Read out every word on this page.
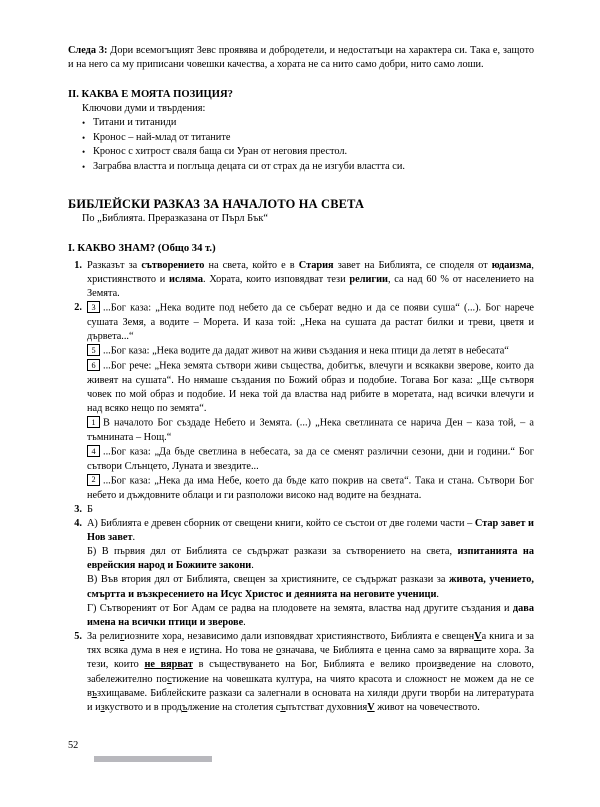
Следа 3: Дори всемогъщият Зевс проявява и добродетели, и недостатъци на характера си. Така е, защото и на него са му приписани човешки качества, а хората не са нито само добри, нито само лоши.

II. КАКВА Е МОЯТА ПОЗИЦИЯ?
Ключови думи и твърдения:
• Титани и титаниди
• Кронос – най-млад от титаните
• Кронос с хитрост сваля баща си Уран от неговия престол.
• Заграбва властта и поглъща децата си от страх да не изгуби властта си.
БИБЛЕЙСКИ РАЗКАЗ ЗА НАЧАЛОТО НА СВЕТА
По „Библията. Преразказана от Пърл Бък“
I. КАКВО ЗНАМ? (Общо 34 т.)
1. Разказът за сътворението на света, който е в Стария завет на Библията, се споделя от юдаизма, християнството и исляма. Хората, които изповядват тези религии, са над 60 % от населението на Земята.
2.	3 ...Бог каза: „Нека водите под небето да се съберат ведно и да се появи суша“ (...). Бог нарече сушата Земя, а водите – Морета. И каза той: „Нека на сушата да растат билки и треви, цветя и дървета...“
5 ...Бог каза: „Нека водите да дадат живот на живи създания и нека птици да летят в небесата“
6 ...Бог рече: „Нека земята сътвори живи същества, добитък, влечуги и всякакви зверове, които да живеят на сушата“. Но нямаше създания по Божий образ и подобие. Тогава Бог каза: „Ще сътворя човек по мой образ и подобие. И нека той да властва над рибите в моретата, над всички влечуги и над всяко нещо по земята“.
1 В началото Бог създаде Небето и Земята. (...) „Нека светлината се нарича Ден – каза той, – а тъмнината – Нощ.“
4 ...Бог каза: „Да бъде светлина в небесата, за да се сменят различни сезони, дни и години.“ Бог сътвори Слънцето, Луната и звездите...
2 ...Бог каза: „Нека да има Небе, което да бъде като покрив на света“. Така и стана. Сътвори Бог небето и дъждовните облаци и ги разположи високо над водите на бездната.
3. Б
4. А) Библията е древен сборник от свещени книги, който се състои от две големи части – Стар завет и Нов завет.
Б) В първия дял от Библията се съдържат разкази за сътворението на света, изпитанията на еврейския народ и Божиите закони.
В) Във втория дял от Библията, свещен за християните, се съдържат разкази за живота, учението, смъртта и възкресението на Исус Христос и деянията на неговите ученици.
Г) Сътвореният от Бог Адам се радва на плодовете на земята, властва над другите създания и дава имена на всички птици и зверове.
5. За религиозните хора, независимо дали изповядват християнството, Библията е свещенVа книга и за тях всяка дума в нея е истина. Но това не означава, че Библията е ценна само за вярващите хора. За тези, които не вярват в съществуването на Бог, Библията е велико произведение на словото, забележително постижение на човешката култура, на чиято красота и сложност не можем да не се възхищаваме. Библейските разкази са залегнали в основата на хиляди други творби на литературата и изкуството и в продължение на столетия съпътстват духовнияV живот на човечеството.
52
